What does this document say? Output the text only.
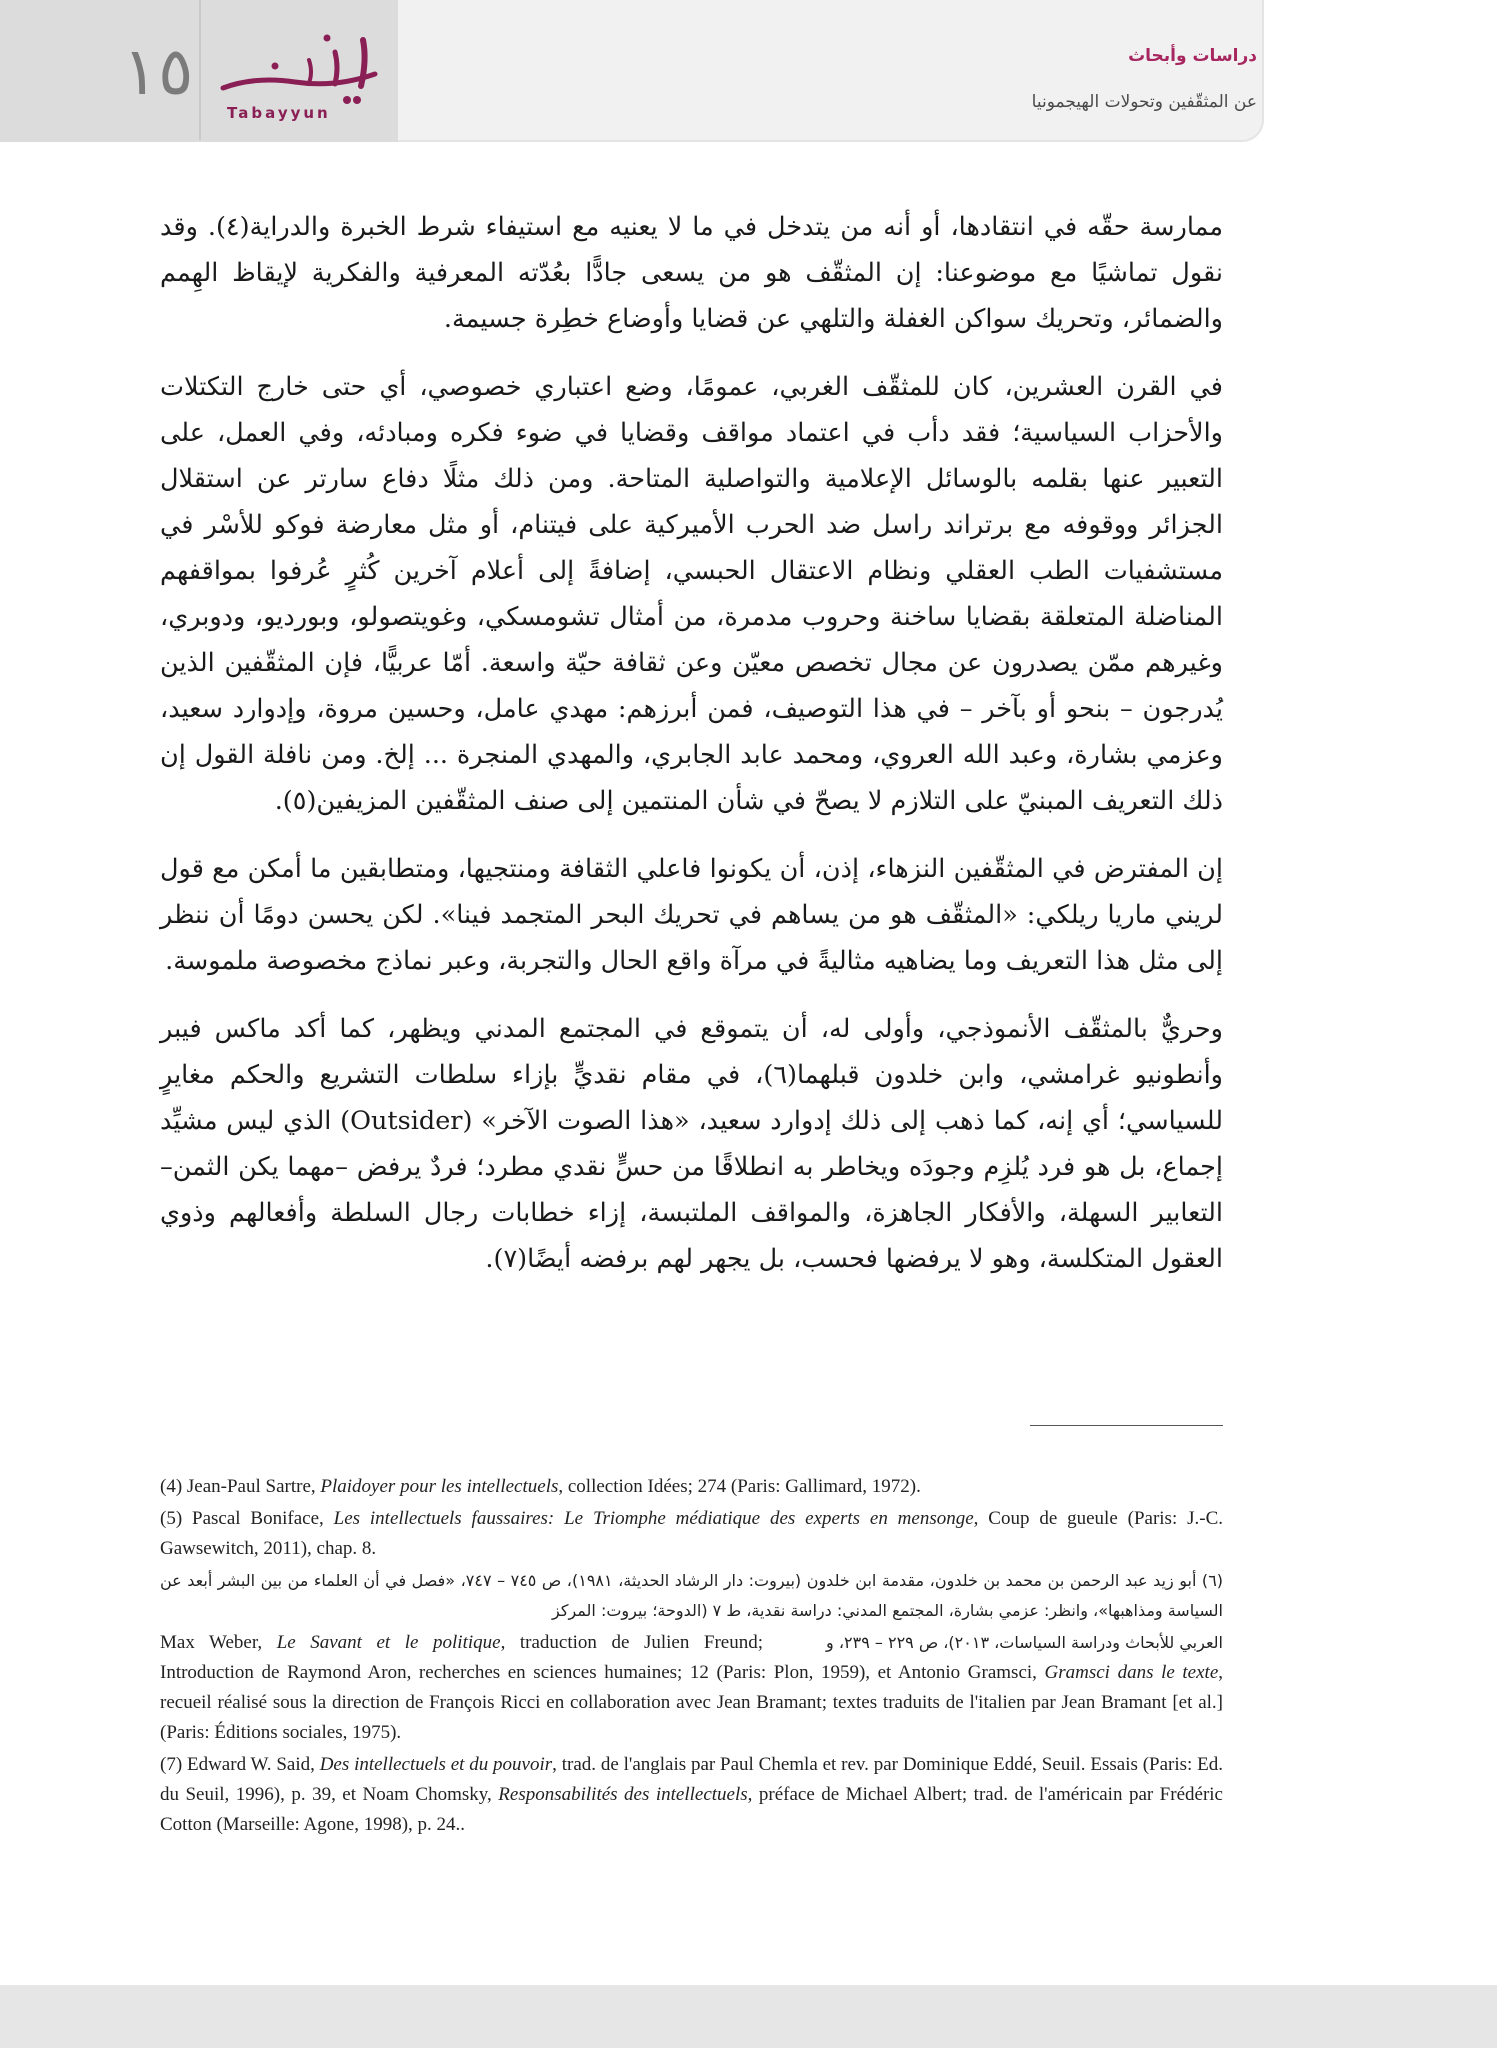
١٥
Tabayyun
دراسات وأبحاث
عن المثقّفين وتحولات الهيجمونيا

ممارسة حقّه في انتقادها، أو أنه من يتدخل في ما لا يعنيه مع استيفاء شرط الخبرة والدراية(٤). وقد نقول تماشيًا مع موضوعنا: إن المثقّف هو من يسعى جادًّا بعُدّته المعرفية والفكرية لإيقاظ الهِمم والضمائر، وتحريك سواكن الغفلة والتلهي عن قضايا وأوضاع خطِرة جسيمة.

في القرن العشرين، كان للمثقّف الغربي، عمومًا، وضع اعتباري خصوصي، أي حتى خارج التكتلات والأحزاب السياسية؛ فقد دأب في اعتماد مواقف وقضايا في ضوء فكره ومبادئه، وفي العمل، على التعبير عنها بقلمه بالوسائل الإعلامية والتواصلية المتاحة. ومن ذلك مثلًا دفاع سارتر عن استقلال الجزائر ووقوفه مع برتراند راسل ضد الحرب الأميركية على فيتنام، أو مثل معارضة فوكو للأسْر في مستشفيات الطب العقلي ونظام الاعتقال الحبسي، إضافةً إلى أعلام آخرين كُثرٍ عُرفوا بمواقفهم المناضلة المتعلقة بقضايا ساخنة وحروب مدمرة، من أمثال تشومسكي، وغويتصولو، وبورديو، ودوبري، وغيرهم ممّن يصدرون عن مجال تخصص معيّن وعن ثقافة حيّة واسعة. أمّا عربيًّا، فإن المثقّفين الذين يُدرجون – بنحو أو بآخر – في هذا التوصيف، فمن أبرزهم: مهدي عامل، وحسين مروة، وإدوارد سعيد، وعزمي بشارة، وعبد الله العروي، ومحمد عابد الجابري، والمهدي المنجرة ... إلخ. ومن نافلة القول إن ذلك التعريف المبنيّ على التلازم لا يصحّ في شأن المنتمين إلى صنف المثقّفين المزيفين(٥).

إن المفترض في المثقّفين النزهاء، إذن، أن يكونوا فاعلي الثقافة ومنتجيها، ومتطابقين ما أمكن مع قول لريني ماريا ريلكي: «المثقّف هو من يساهم في تحريك البحر المتجمد فينا». لكن يحسن دومًا أن ننظر إلى مثل هذا التعريف وما يضاهيه مثاليةً في مرآة واقع الحال والتجربة، وعبر نماذج مخصوصة ملموسة.

وحريٌّ بالمثقّف الأنموذجي، وأولى له، أن يتموقع في المجتمع المدني ويظهر، كما أكد ماكس فيبر وأنطونيو غرامشي، وابن خلدون قبلهما(٦)، في مقام نقديٍّ بإزاء سلطات التشريع والحكم مغايرٍ للسياسي؛ أي إنه، كما ذهب إلى ذلك إدوارد سعيد، «هذا الصوت الآخر» (Outsider) الذي ليس مشيِّد إجماع، بل هو فرد يُلزِم وجودَه ويخاطر به انطلاقًا من حسٍّ نقدي مطرد؛ فردٌ يرفض –مهما يكن الثمن– التعابير السهلة، والأفكار الجاهزة، والمواقف الملتبسة، إزاء خطابات رجال السلطة وأفعالهم وذوي العقول المتكلسة، وهو لا يرفضها فحسب، بل يجهر لهم برفضه أيضًا(٧).

(4) Jean-Paul Sartre, Plaidoyer pour les intellectuels, collection Idées; 274 (Paris: Gallimard, 1972).
(5) Pascal Boniface, Les intellectuels faussaires: Le Triomphe médiatique des experts en mensonge, Coup de gueule (Paris: J.-C. Gawsewitch, 2011), chap. 8.
(٦) أبو زيد عبد الرحمن بن محمد بن خلدون، مقدمة ابن خلدون (بيروت: دار الرشاد الحديثة، ١٩٨١)، ص ٧٤٥ – ٧٤٧، «فصل في أن العلماء من بين البشر أبعد عن السياسة ومذاهبها»، وانظر: عزمي بشارة، المجتمع المدني: دراسة نقدية، ط ٧ (الدوحة؛ بيروت: المركز
العربي للأبحاث ودراسة السياسات، ٢٠١٣)، ص ٢٢٩ – ٢٣٩، و
Max Weber, Le Savant et le politique, traduction de Julien Freund; Introduction de Raymond Aron, recherches en sciences humaines; 12 (Paris: Plon, 1959), et Antonio Gramsci, Gramsci dans le texte, recueil réalisé sous la direction de François Ricci en collaboration avec Jean Bramant; textes traduits de l'italien par Jean Bramant [et al.] (Paris: Éditions sociales, 1975).
(7) Edward W. Said, Des intellectuels et du pouvoir, trad. de l'anglais par Paul Chemla et rev. par Dominique Eddé, Seuil. Essais (Paris: Ed. du Seuil, 1996), p. 39, et Noam Chomsky, Responsabilités des intellectuels, préface de Michael Albert; trad. de l'américain par Frédéric Cotton (Marseille: Agone, 1998), p. 24..
